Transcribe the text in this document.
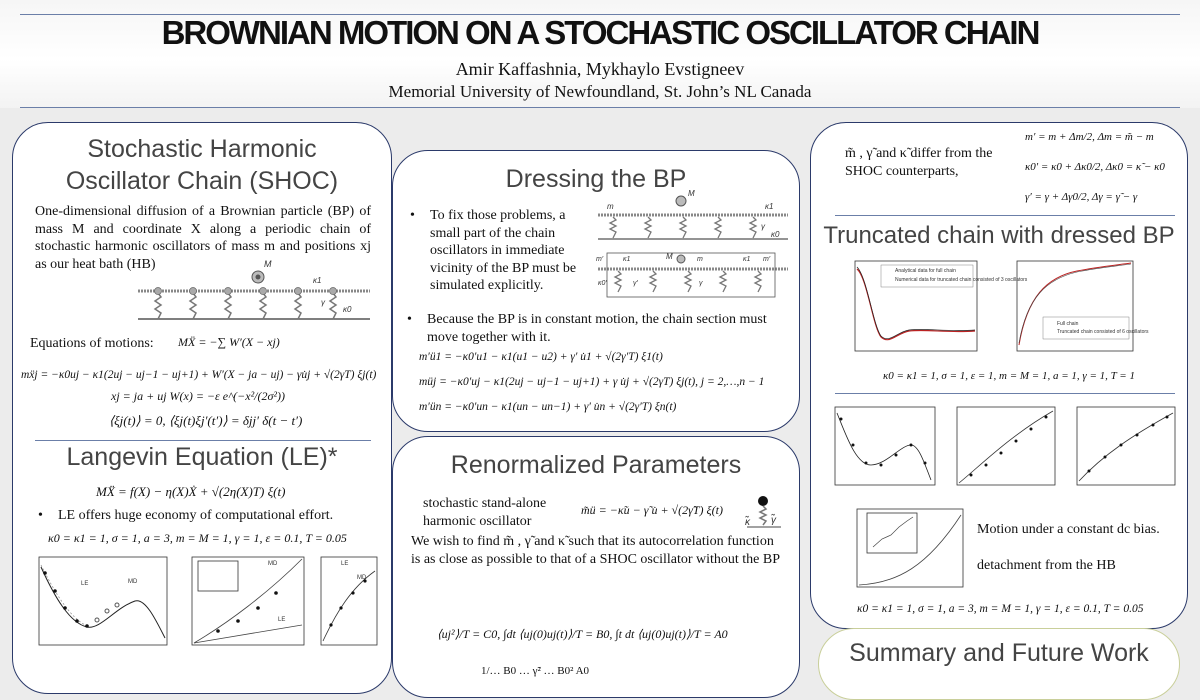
BROWNIAN MOTION ON A STOCHASTIC OSCILLATOR CHAIN
Amir Kaffashnia, Mykhaylo Evstigneev
Memorial University of Newfoundland, St. John’s NL Canada
Stochastic Harmonic
Oscillator Chain (SHOC)
One-dimensional diffusion of a Brownian particle (BP) of mass M and coordinate X along a periodic chain of stochastic harmonic oscillators of mass m and positions xj as our heat bath (HB)	M
κ1
γ
κ0
Equations of motions: MẌ = −∑ W′(X − xj)
mẍj = −κ0uj − κ1(2uj − uj−1 − uj+1) + W′(X − ja − uj) − γu̇j + √(2γT) ξj(t)
xj = ja + uj W(x) = −ε e^(−x²/(2σ²))
⟨ξj(t)⟩ = 0, ⟨ξj(t)ξj′(t′)⟩ = δjj′ δ(t − t′)
Langevin Equation (LE)*
MẌ = f(X) − η(X)Ẋ + √(2η(X)T) ξ(t)
• LE offers huge economy of computational effort.
κ0 = κ1 = 1, σ = 1, a = 3, m = M = 1, γ = 1, ε = 0.1, T = 0.05
LE	MD
MD
LE
LE
MD
Dressing the BP
• To fix those problems, a small part of the chain oscillators in immediate vicinity of the BP must be simulated explicitly.
M
m	κ1
γ
κ0
m′	κ1	M	m	κ1 m′
κ0′	γ′	γ
• Because the BP is in constant motion, the chain section must move together with it.
m′ü1 = −κ0′u1 − κ1(u1 − u2) + γ′ u̇1 + √(2γ′T) ξ1(t)
müj = −κ0′uj − κ1(2uj − uj−1 − uj+1) + γ u̇j + √(2γT) ξj(t), j = 2,…,n − 1
m′ün = −κ0′un − κ1(un − un−1) + γ′ u̇n + √(2γ′T) ξn(t)
Renormalized Parameters
stochastic stand-alone harmonic oscillator
m̃ü = −κ̃u − γ̃ u̇ + √(2γ̃T) ξ(t)
κ̃ γ̃
We wish to find m̃ , γ̃ and κ̃ such that its autocorrelation function is as close as possible to that of a SHOC oscillator without the BP
⟨uj²⟩/T = C0, ∫dt ⟨uj(0)uj(t)⟩/T = B0, ∫t dt ⟨uj(0)uj(t)⟩/T = A0
1/… B0 … γ̃² … B0² A0
m̃ , γ̃ and κ̃ differ from the SHOC counterparts,
m′ = m + Δm/2, Δm = m̃ − m
κ0′ = κ0 + Δκ0/2, Δκ0 = κ̃ − κ0
γ′ = γ + Δγ0/2, Δγ = γ̃ − γ
Truncated chain with dressed BP
Analytical data for full chain
Numerical data for truncated chain consisted of 3 oscillators
Full chain
Truncated chain consisted of 6 oscillators
κ0 = κ1 = 1, σ = 1, ε = 1, m = M = 1, a = 1, γ = 1, T = 1
Motion under a constant dc bias.
detachment from the HB
κ0 = κ1 = 1, σ = 1, a = 3, m = M = 1, γ = 1, ε = 0.1, T = 0.05
Summary and Future Work
